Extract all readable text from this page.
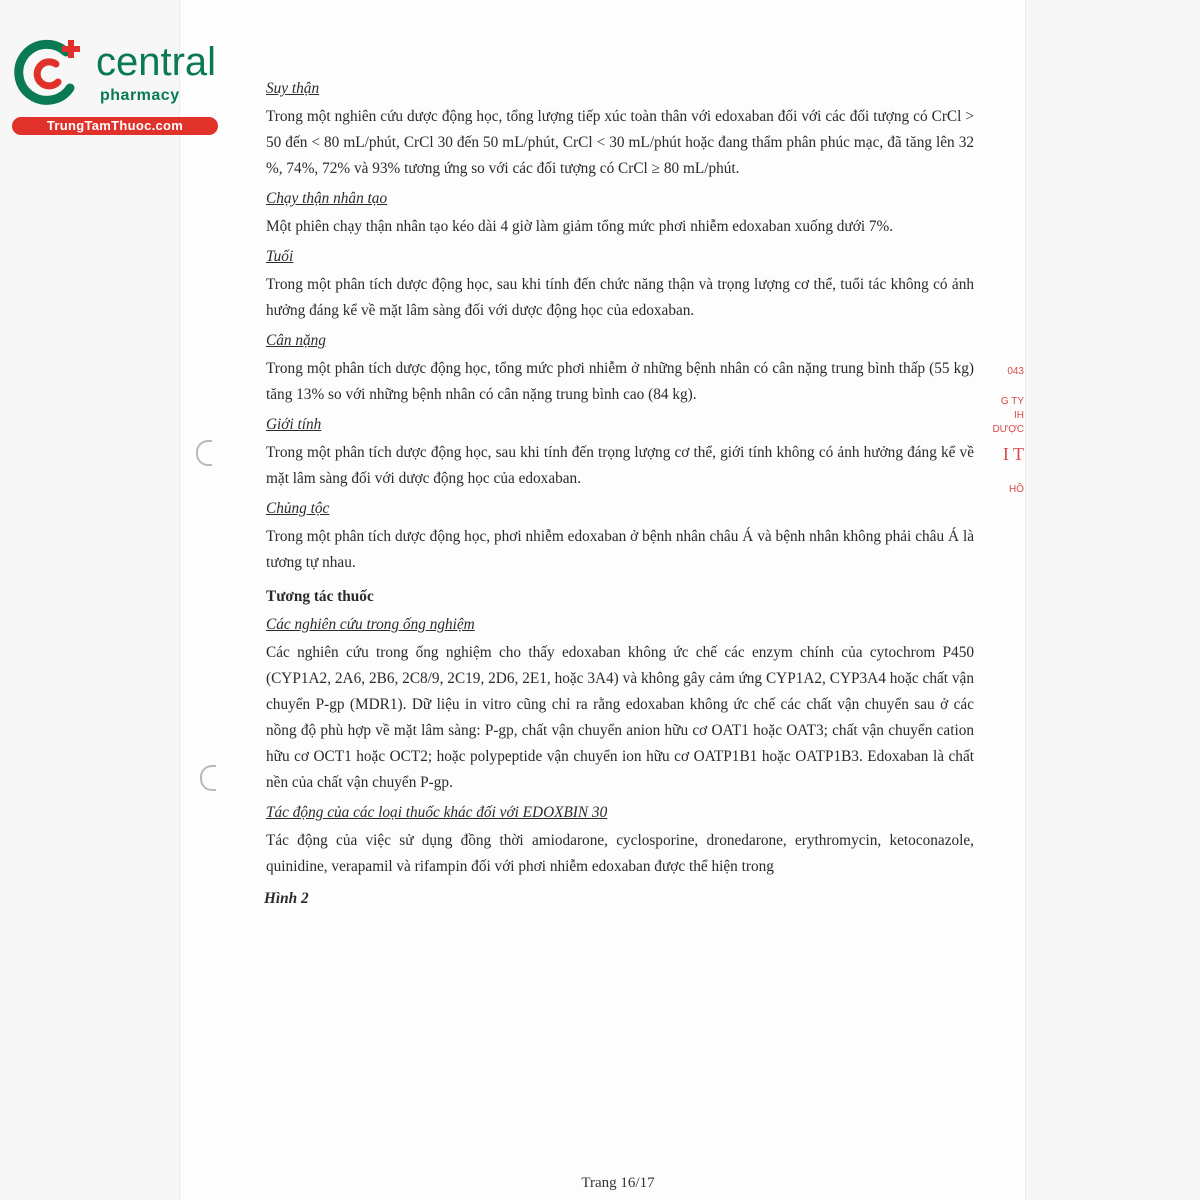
central
pharmacy
TrungTamThuoc.com
Suy thận
Trong một nghiên cứu dược động học, tổng lượng tiếp xúc toàn thân với edoxaban đối với các đối tượng có CrCl > 50 đến < 80 mL/phút, CrCl 30 đến 50 mL/phút, CrCl < 30 mL/phút hoặc đang thẩm phân phúc mạc, đã tăng lên 32 %, 74%, 72% và 93% tương ứng so với các đối tượng có CrCl ≥ 80 mL/phút.
Chạy thận nhân tạo
Một phiên chạy thận nhân tạo kéo dài 4 giờ làm giảm tổng mức phơi nhiễm edoxaban xuống dưới 7%.
Tuổi
Trong một phân tích dược động học, sau khi tính đến chức năng thận và trọng lượng cơ thể, tuổi tác không có ảnh hưởng đáng kể về mặt lâm sàng đối với dược động học của edoxaban.
Cân nặng
Trong một phân tích dược động học, tổng mức phơi nhiễm ở những bệnh nhân có cân nặng trung bình thấp (55 kg) tăng 13% so với những bệnh nhân có cân nặng trung bình cao (84 kg).
Giới tính
Trong một phân tích dược động học, sau khi tính đến trọng lượng cơ thể, giới tính không có ảnh hưởng đáng kể về mặt lâm sàng đối với dược động học của edoxaban.
Chủng tộc
Trong một phân tích dược động học, phơi nhiễm edoxaban ở bệnh nhân châu Á và bệnh nhân không phải châu Á là tương tự nhau.
Tương tác thuốc
Các nghiên cứu trong ống nghiệm
Các nghiên cứu trong ống nghiệm cho thấy edoxaban không ức chế các enzym chính của cytochrom P450 (CYP1A2, 2A6, 2B6, 2C8/9, 2C19, 2D6, 2E1, hoặc 3A4) và không gây cảm ứng CYP1A2, CYP3A4 hoặc chất vận chuyển P-gp (MDR1). Dữ liệu in vitro cũng chỉ ra rằng edoxaban không ức chế các chất vận chuyển sau ở các nồng độ phù hợp về mặt lâm sàng: P-gp, chất vận chuyển anion hữu cơ OAT1 hoặc OAT3; chất vận chuyển cation hữu cơ OCT1 hoặc OCT2; hoặc polypeptide vận chuyển ion hữu cơ OATP1B1 hoặc OATP1B3. Edoxaban là chất nền của chất vận chuyển P-gp.
Tác động của các loại thuốc khác đối với EDOXBIN 30
Tác động của việc sử dụng đồng thời amiodarone, cyclosporine, dronedarone, erythromycin, ketoconazole, quinidine, verapamil và rifampin đối với phơi nhiễm edoxaban được thể hiện trong
Hình 2
043
G TY
IH
DƯỢC
I T
HỒ
Trang 16/17
